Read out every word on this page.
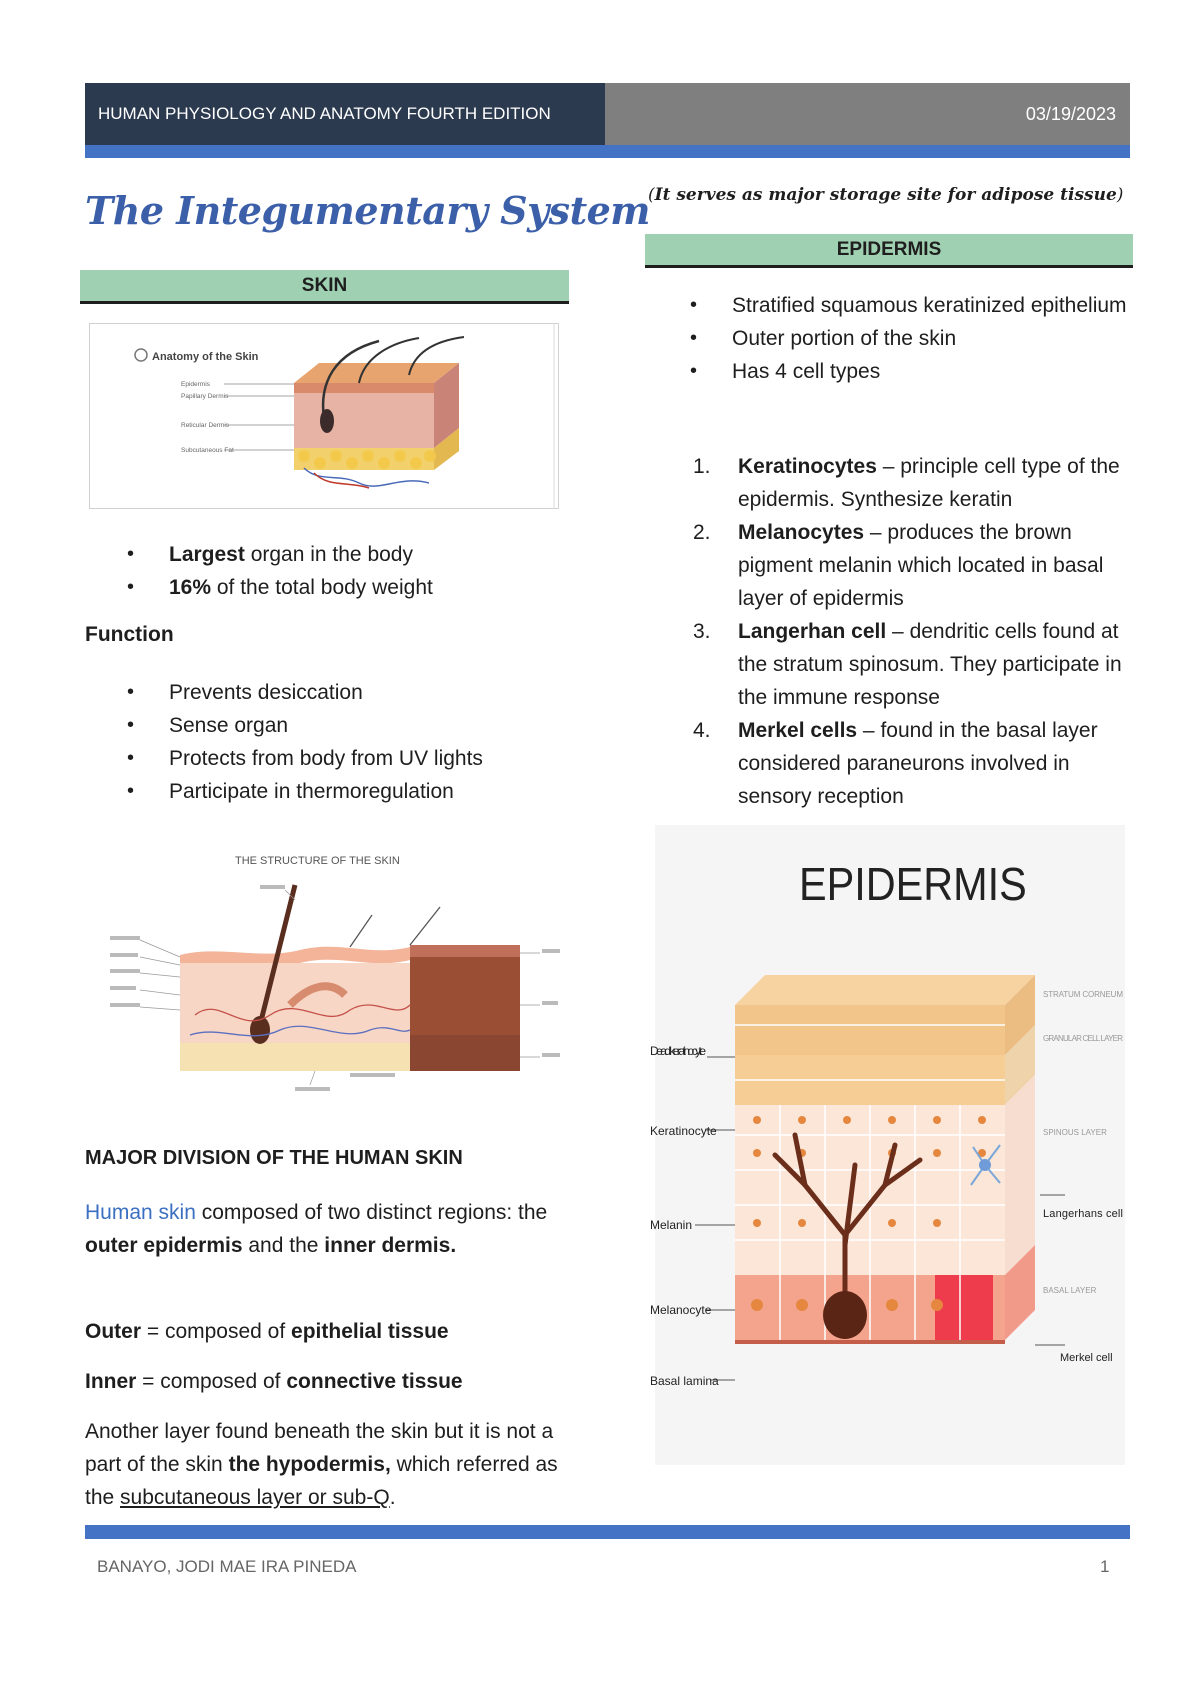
HUMAN PHYSIOLOGY AND ANATOMY FOURTH EDITION	03/19/2023
The Integumentary System
SKIN
Anatomy of the Skin
Epidermis
Papillary Dermis
Reticular Dermis
Subcutaneous Fat
• Largest organ in the body
• 16% of the total body weight
Function
• Prevents desiccation
• Sense organ
• Protects from body from UV lights
• Participate in thermoregulation
THE STRUCTURE OF THE SKIN
MAJOR DIVISION OF THE HUMAN SKIN
Human skin composed of two distinct regions: the outer epidermis and the inner dermis.
Outer = composed of epithelial tissue
Inner = composed of connective tissue
Another layer found beneath the skin but it is not a part of the skin the hypodermis, which referred as the subcutaneous layer or sub-Q.
(It serves as major storage site for adipose tissue)
EPIDERMIS
• Stratified squamous keratinized epithelium
• Outer portion of the skin
• Has 4 cell types
1. Keratinocytes – principle cell type of the epidermis. Synthesize keratin
2. Melanocytes – produces the brown pigment melanin which located in basal layer of epidermis
3. Langerhan cell – dendritic cells found at the stratum spinosum. They participate in the immune response
4. Merkel cells – found in the basal layer considered paraneurons involved in sensory reception
EPIDERMIS
Dead keratinocyte
Keratinocyte
Melanin
Melanocyte
Basal lamina
STRATUM CORNEUM
GRANULAR CELL LAYER
SPINOUS LAYER
Langerhans cell
BASAL LAYER
Merkel cell
BANAYO, JODI MAE IRA PINEDA	1
